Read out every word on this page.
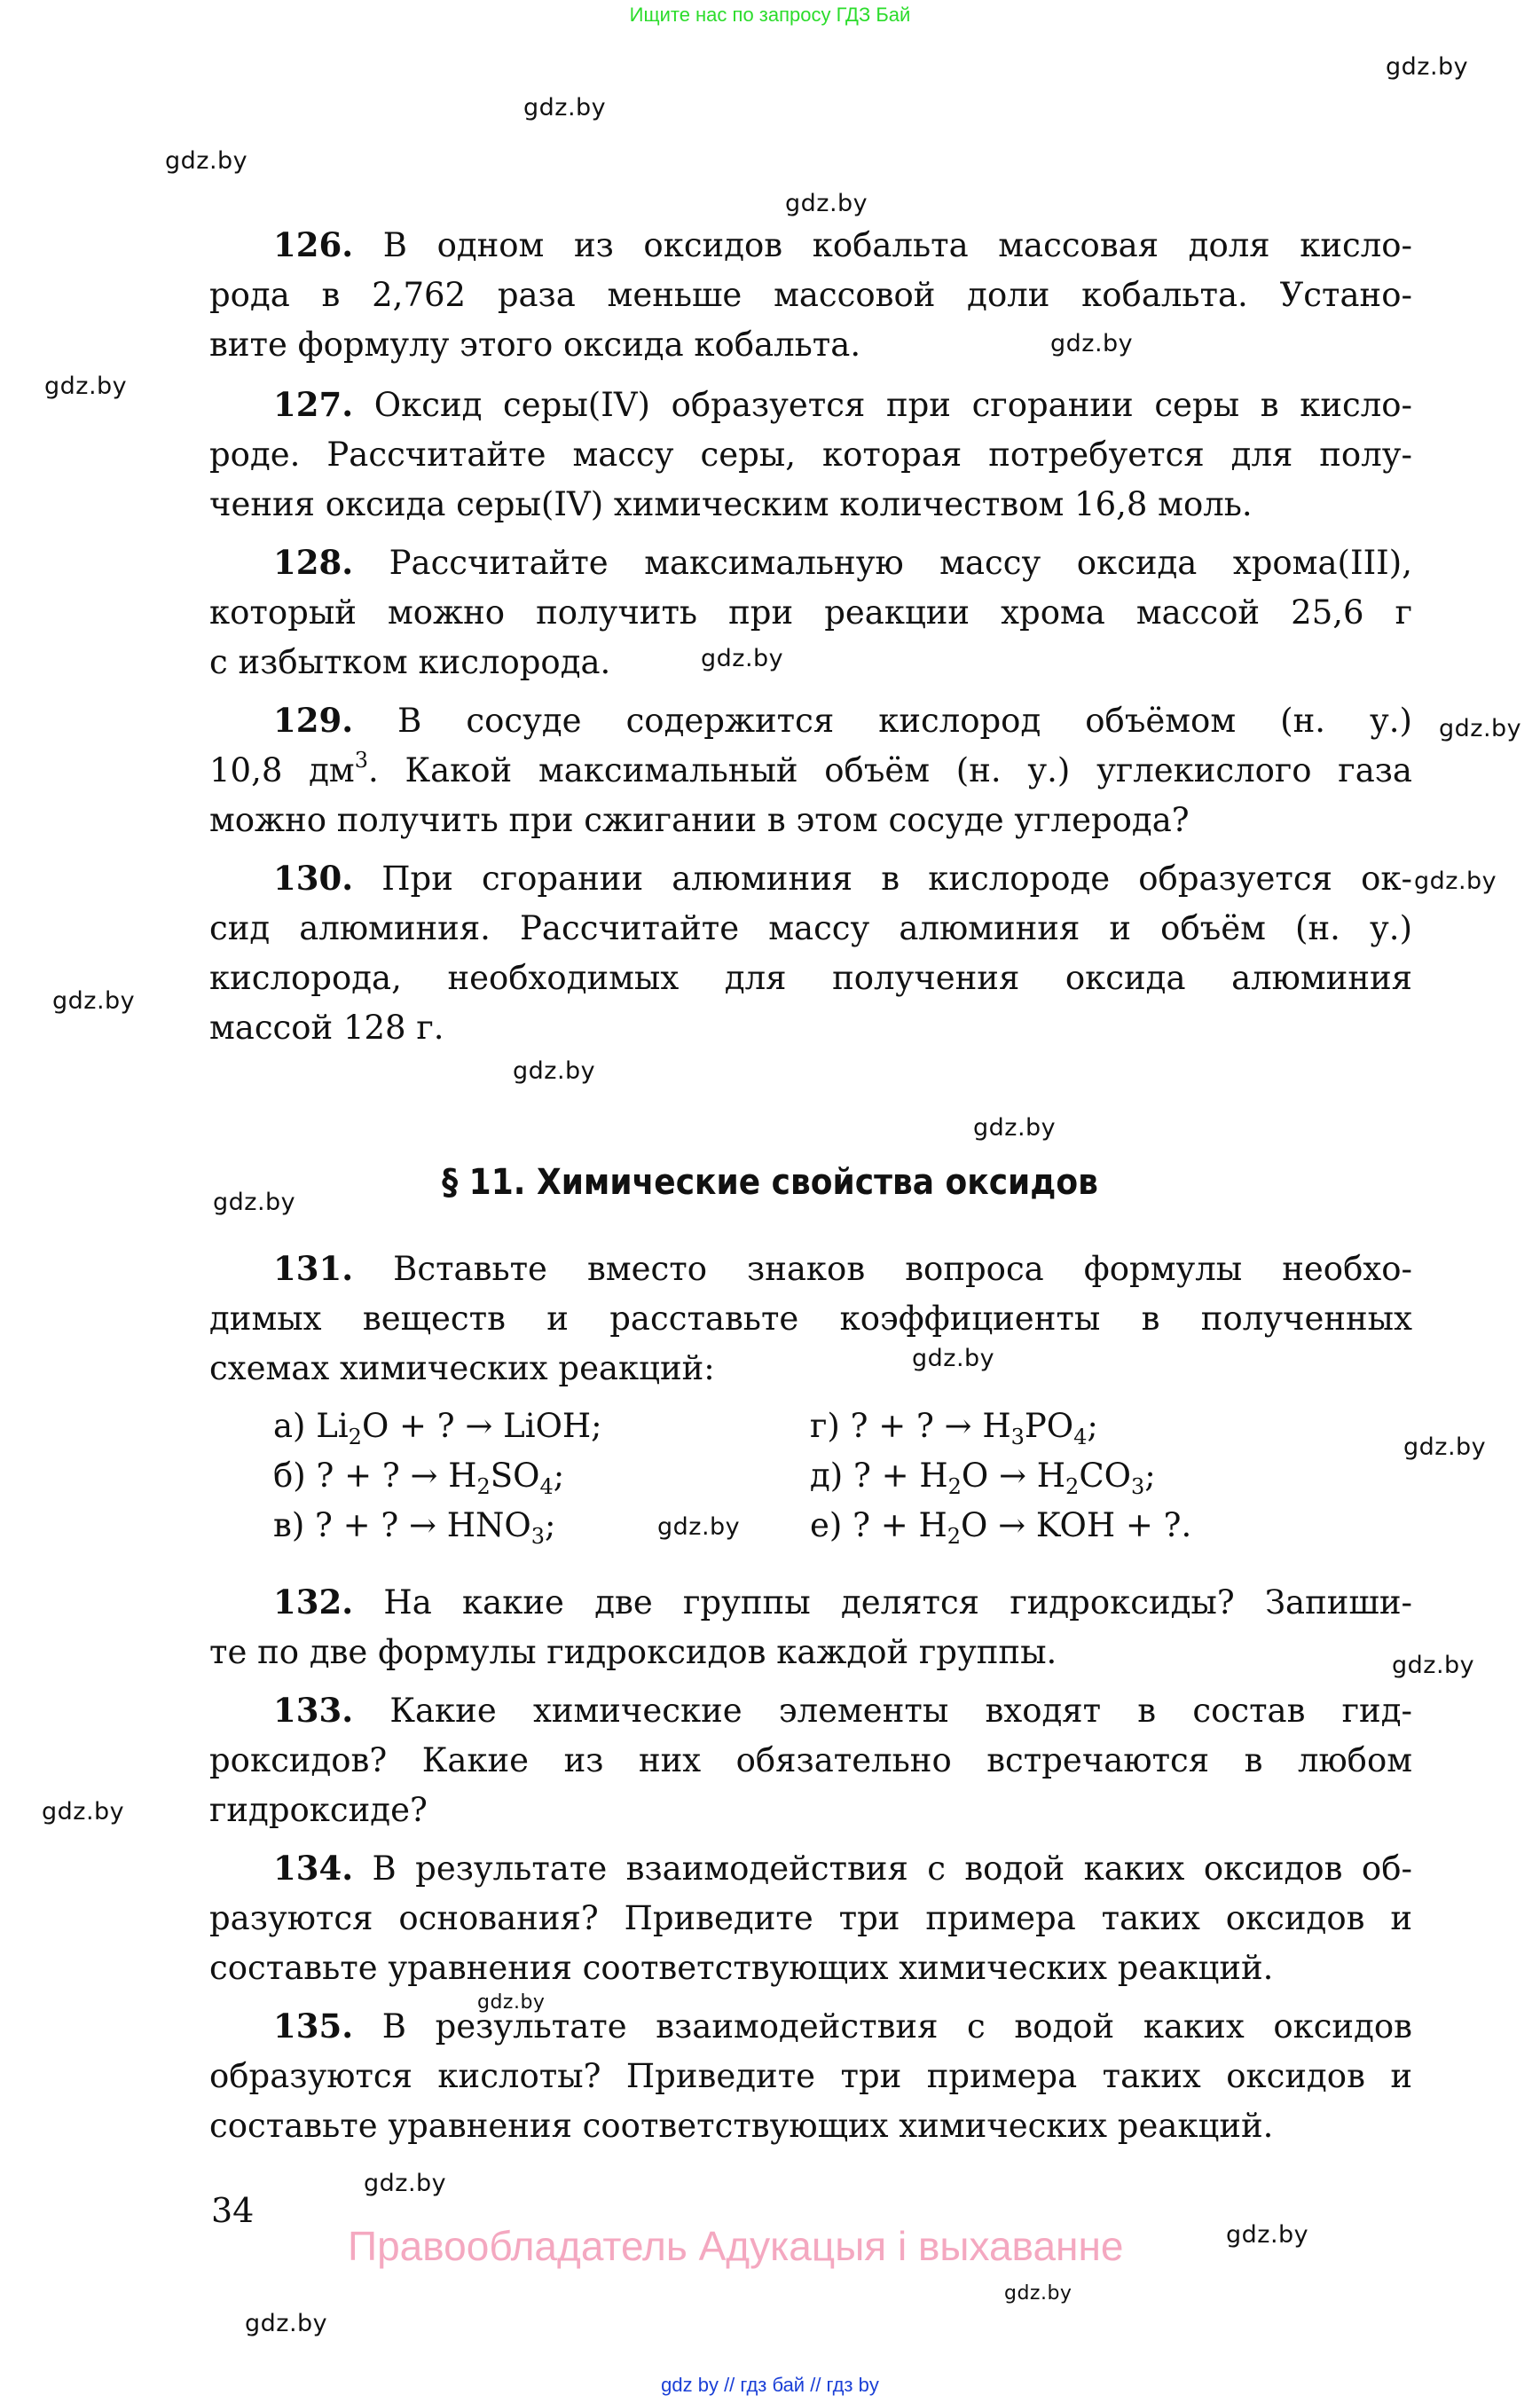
Ищите нас по запросу ГДЗ Бай
gdz.by
gdz.by
gdz.by
gdz.by
gdz.by
gdz.by
gdz.by
gdz.by
gdz.by
gdz.by
gdz.by
gdz.by
gdz.by
gdz.by
gdz.by
gdz.by
gdz.by
gdz.by
gdz.by
gdz.by
gdz.by
gdz.by
gdz.by
126. В одном из оксидов кобальта массовая доля кисло-
рода в 2,762 раза меньше массовой доли кобальта. Устано-
вите формулу этого оксида кобальта.
127. Оксид серы(IV) образуется при сгорании серы в кисло-
роде. Рассчитайте массу серы, которая потребуется для полу-
чения оксида серы(IV) химическим количеством 16,8 моль.
128. Рассчитайте максимальную массу оксида хрома(III),
который можно получить при реакции хрома массой 25,6 г
с избытком кислорода.
129. В сосуде содержится кислород объёмом (н. у.)
10,8 $дм^3$. Какой максимальный объём (н. у.) углекислого газа
можно получить при сжигании в этом сосуде углерода?
130. При сгорании алюминия в кислороде образуется ок-
сид алюминия. Рассчитайте массу алюминия и объём (н. у.)
кислорода, необходимых для получения оксида алюминия
массой 128 г.
§ 11. Химические свойства оксидов
131. Вставьте вместо знаков вопроса формулы необхо-
димых веществ и расставьте коэффициенты в полученных
схемах химических реакций:
а) $Li_2O$ + ? → LiOH;	г) ? + ? → $H_3PO_4$;
б) ? + ? → $H_2SO_4$;	д) ? + $H_2O \to H_2CO_3$;
в) ? + ? → $HNO_3$;	е) ? + $H_2O$ → KOH + ?.
132. На какие две группы делятся гидроксиды? Запиши-
те по две формулы гидроксидов каждой группы.
133. Какие химические элементы входят в состав гид-
роксидов? Какие из них обязательно встречаются в любом
гидроксиде?
134. В результате взаимодействия с водой каких оксидов об-
разуются основания? Приведите три примера таких оксидов и
составьте уравнения соответствующих химических реакций.
135. В результате взаимодействия с водой каких оксидов
образуются кислоты? Приведите три примера таких оксидов и
составьте уравнения соответствующих химических реакций.
34
Правообладатель Адукацыя і выхаванне
gdz by // гдз бай // гдз by
